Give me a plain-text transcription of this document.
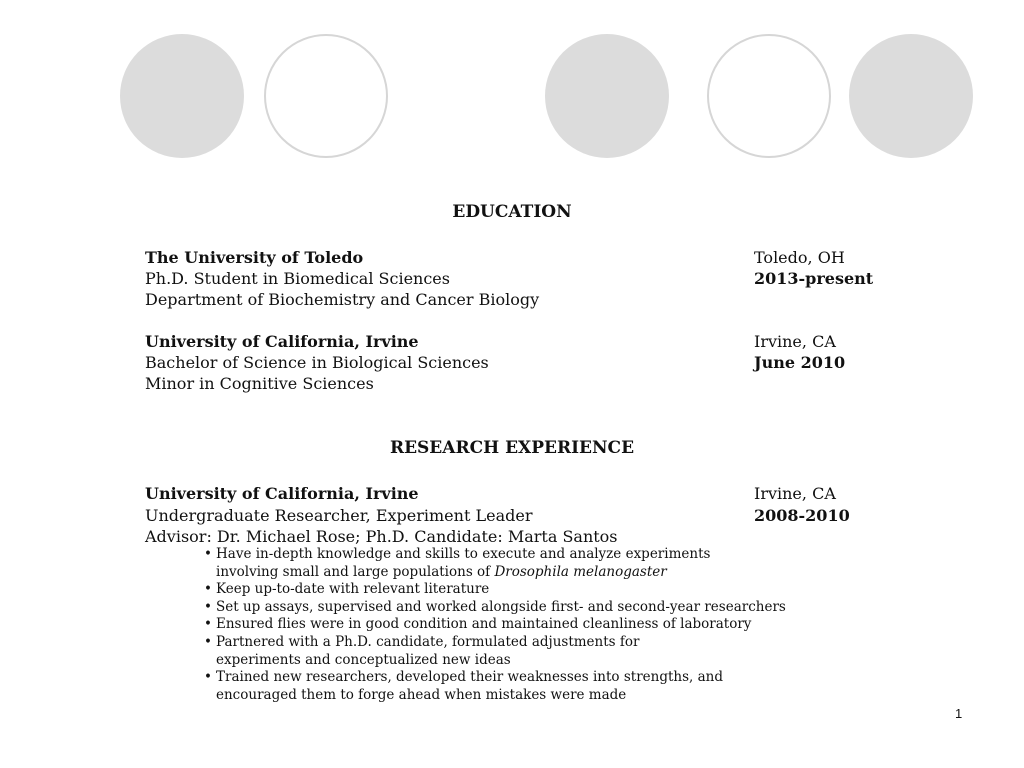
EDUCATION
The University of Toledo	Toledo, OH
Ph.D. Student in Biomedical Sciences	2013-present
Department of Biochemistry and Cancer Biology
University of California, Irvine	Irvine, CA
Bachelor of Science in Biological Sciences	June 2010
Minor in Cognitive Sciences
RESEARCH EXPERIENCE
University of California, Irvine	Irvine, CA
Undergraduate Researcher, Experiment Leader	2008-2010
Advisor: Dr. Michael Rose; Ph.D. Candidate: Marta Santos
• Have in-depth knowledge and skills to execute and analyze experiments
involving small and large populations of Drosophila melanogaster
• Keep up-to-date with relevant literature
• Set up assays, supervised and worked alongside first- and second-year researchers
• Ensured flies were in good condition and maintained cleanliness of laboratory
• Partnered with a Ph.D. candidate, formulated adjustments for
experiments and conceptualized new ideas
• Trained new researchers, developed their weaknesses into strengths, and
encouraged them to forge ahead when mistakes were made
1
